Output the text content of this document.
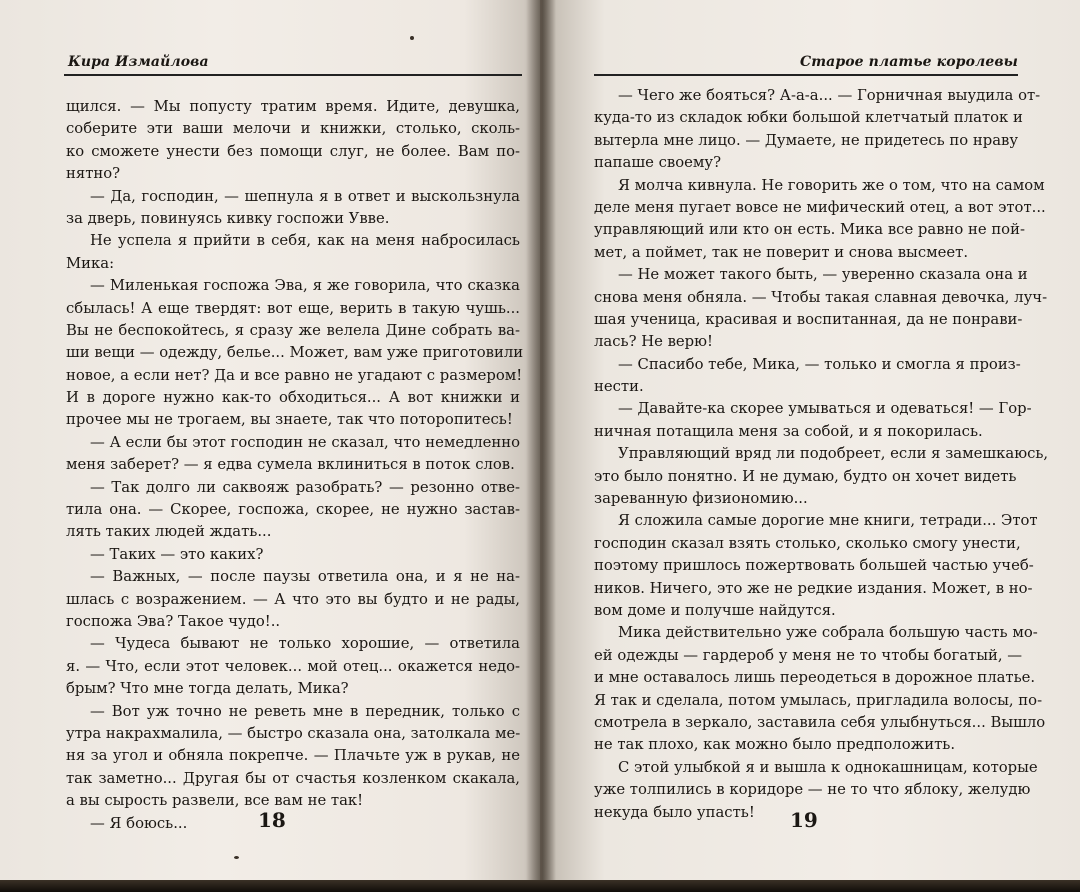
Кира Измайлова
щился. — Мы попусту тратим время. Идите, девушка,
соберите эти ваши мелочи и книжки, столько, сколь-
ко сможете унести без помощи слуг, не более. Вам по-
нятно?
— Да, господин, — шепнула я в ответ и выскользнула
за дверь, повинуясь кивку госпожи Увве.
Не успела я прийти в себя, как на меня набросилась
Мика:
— Миленькая госпожа Эва, я же говорила, что сказка
сбылась! А еще твердят: вот еще, верить в такую чушь...
Вы не беспокойтесь, я сразу же велела Дине собрать ва-
ши вещи — одежду, белье... Может, вам уже приготовили
новое, а если нет? Да и все равно не угадают с размером!
И в дороге нужно как-то обходиться... А вот книжки и
прочее мы не трогаем, вы знаете, так что поторопитесь!
— А если бы этот господин не сказал, что немедленно
меня заберет? — я едва сумела вклиниться в поток слов.
— Так долго ли саквояж разобрать? — резонно отве-
тила она. — Скорее, госпожа, скорее, не нужно застав-
лять таких людей ждать...
— Таких — это каких?
— Важных, — после паузы ответила она, и я не на-
шлась с возражением. — А что это вы будто и не рады,
госпожа Эва? Такое чудо!..
— Чудеса бывают не только хорошие, — ответила
я. — Что, если этот человек... мой отец... окажется недо-
брым? Что мне тогда делать, Мика?
— Вот уж точно не реветь мне в передник, только с
утра накрахмалила, — быстро сказала она, затолкала ме-
ня за угол и обняла покрепче. — Плачьте уж в рукав, не
так заметно... Другая бы от счастья козленком скакала,
а вы сырость развели, все вам не так!
— Я боюсь...	18
Старое платье королевы
— Чего же бояться? А-а-а... — Горничная выудила от-
куда-то из складок юбки большой клетчатый платок и
вытерла мне лицо. — Думаете, не придетесь по нраву
папаше своему?
Я молча кивнула. Не говорить же о том, что на самом
деле меня пугает вовсе не мифический отец, а вот этот...
управляющий или кто он есть. Мика все равно не пой-
мет, а поймет, так не поверит и снова высмеет.
— Не может такого быть, — уверенно сказала она и
снова меня обняла. — Чтобы такая славная девочка, луч-
шая ученица, красивая и воспитанная, да не понрави-
лась? Не верю!
— Спасибо тебе, Мика, — только и смогла я произ-
нести.
— Давайте-ка скорее умываться и одеваться! — Гор-
ничная потащила меня за собой, и я покорилась.
Управляющий вряд ли подобреет, если я замешкаюсь,
это было понятно. И не думаю, будто он хочет видеть
зареванную физиономию...
Я сложила самые дорогие мне книги, тетради... Этот
господин сказал взять столько, сколько смогу унести,
поэтому пришлось пожертвовать большей частью учеб-
ников. Ничего, это же не редкие издания. Может, в но-
вом доме и получше найдутся.
Мика действительно уже собрала большую часть мо-
ей одежды — гардероб у меня не то чтобы богатый, —
и мне оставалось лишь переодеться в дорожное платье.
Я так и сделала, потом умылась, пригладила волосы, по-
смотрела в зеркало, заставила себя улыбнуться... Вышло
не так плохо, как можно было предположить.
С этой улыбкой я и вышла к однокашницам, которые
уже толпились в коридоре — не то что яблоку, желудю
некуда было упасть!	19
